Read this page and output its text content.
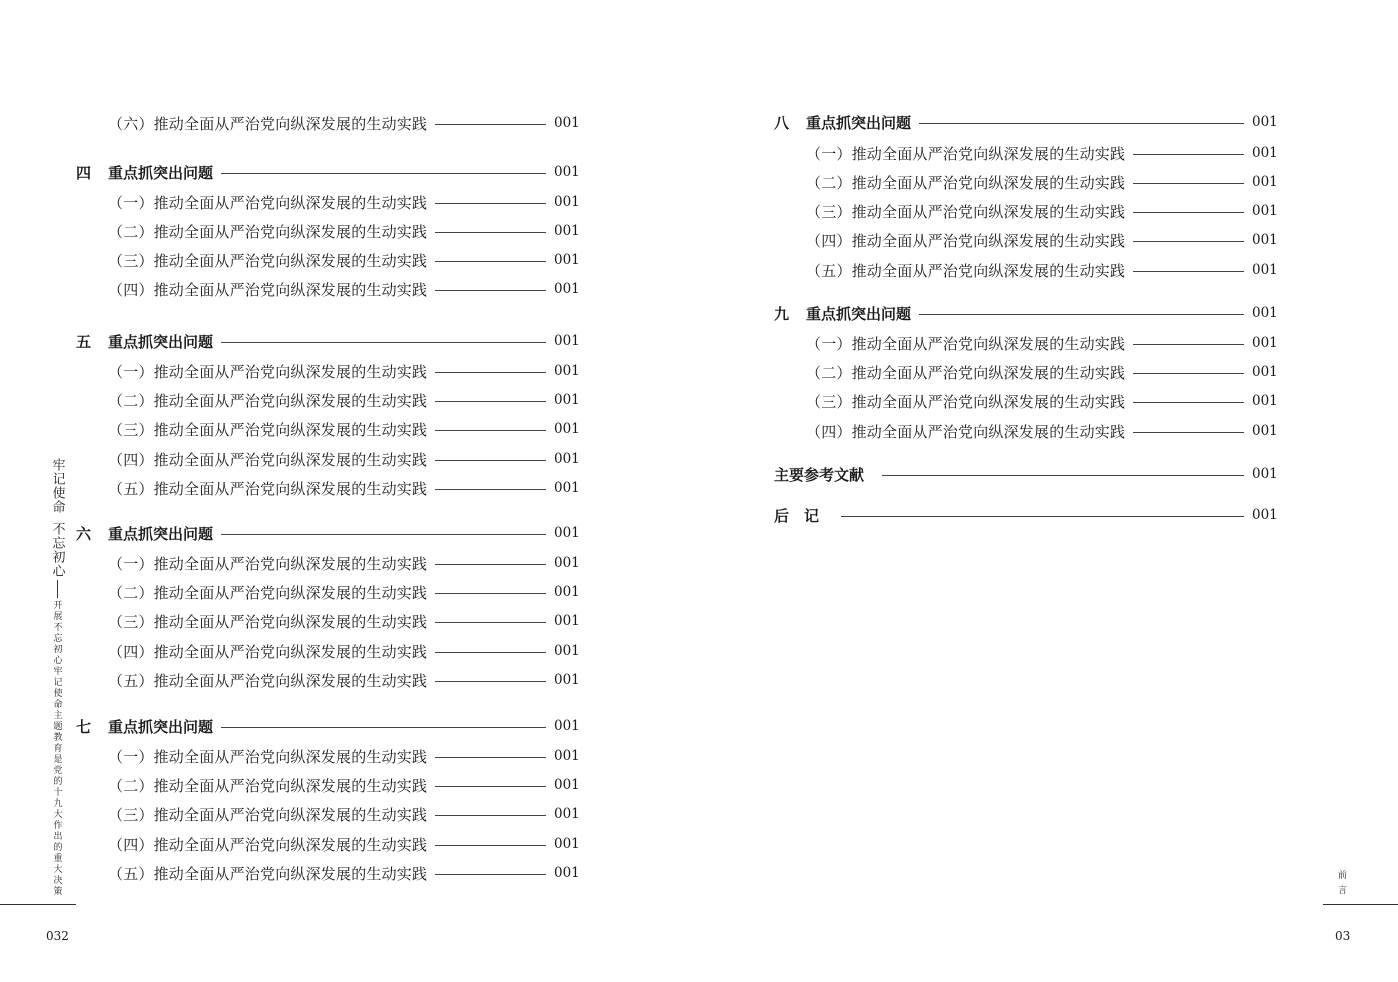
（六）推动全面从严治党向纵深发展的生动实践	001
四 重点抓突出问题	001
（一）推动全面从严治党向纵深发展的生动实践	001
（二）推动全面从严治党向纵深发展的生动实践	001
（三）推动全面从严治党向纵深发展的生动实践	001
（四）推动全面从严治党向纵深发展的生动实践	001
五 重点抓突出问题	001
（一）推动全面从严治党向纵深发展的生动实践	001
（二）推动全面从严治党向纵深发展的生动实践	001
（三）推动全面从严治党向纵深发展的生动实践	001
（四）推动全面从严治党向纵深发展的生动实践	001
（五）推动全面从严治党向纵深发展的生动实践	001
六 重点抓突出问题	001
（一）推动全面从严治党向纵深发展的生动实践	001
（二）推动全面从严治党向纵深发展的生动实践	001
（三）推动全面从严治党向纵深发展的生动实践	001
（四）推动全面从严治党向纵深发展的生动实践	001
（五）推动全面从严治党向纵深发展的生动实践	001
七 重点抓突出问题	001
（一）推动全面从严治党向纵深发展的生动实践	001
（二）推动全面从严治党向纵深发展的生动实践	001
（三）推动全面从严治党向纵深发展的生动实践	001
（四）推动全面从严治党向纵深发展的生动实践	001
（五）推动全面从严治党向纵深发展的生动实践	001
牢记使命
不忘初心
开展不忘初心牢记使命主题教育是党的十九大作出的重大决策
032
八 重点抓突出问题	001
（一）推动全面从严治党向纵深发展的生动实践	001
（二）推动全面从严治党向纵深发展的生动实践	001
（三）推动全面从严治党向纵深发展的生动实践	001
（四）推动全面从严治党向纵深发展的生动实践	001
（五）推动全面从严治党向纵深发展的生动实践	001
九 重点抓突出问题	001
（一）推动全面从严治党向纵深发展的生动实践	001
（二）推动全面从严治党向纵深发展的生动实践	001
（三）推动全面从严治党向纵深发展的生动实践	001
（四）推动全面从严治党向纵深发展的生动实践	001
主要参考文献	001
后　记	001
前言
03
